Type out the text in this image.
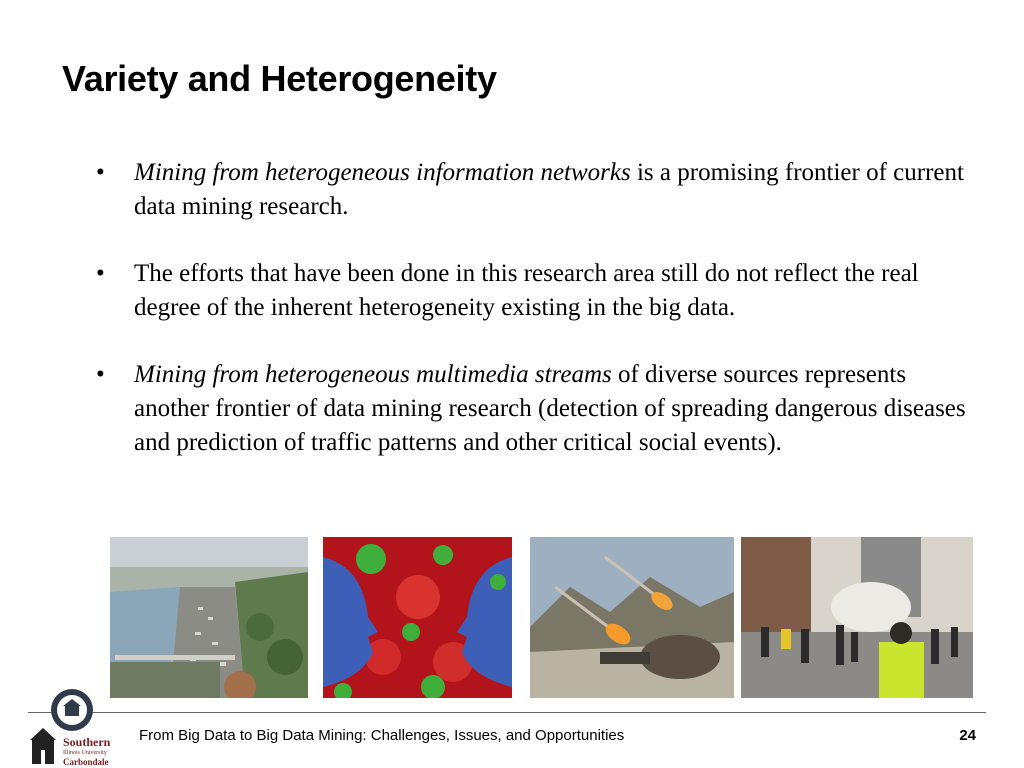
Variety and Heterogeneity
• Mining from heterogeneous information networks is a promising frontier of current data mining research.
• The efforts that have been done in this research area still do not reflect the real degree of the inherent heterogeneity existing in the big data.
• Mining from heterogeneous multimedia streams of diverse sources represents another frontier of data mining research (detection of spreading dangerous diseases and prediction of traffic patterns and other critical social events).
Southern
Illinois University
Carbondale
From Big Data to Big Data Mining: Challenges, Issues, and Opportunities	24
